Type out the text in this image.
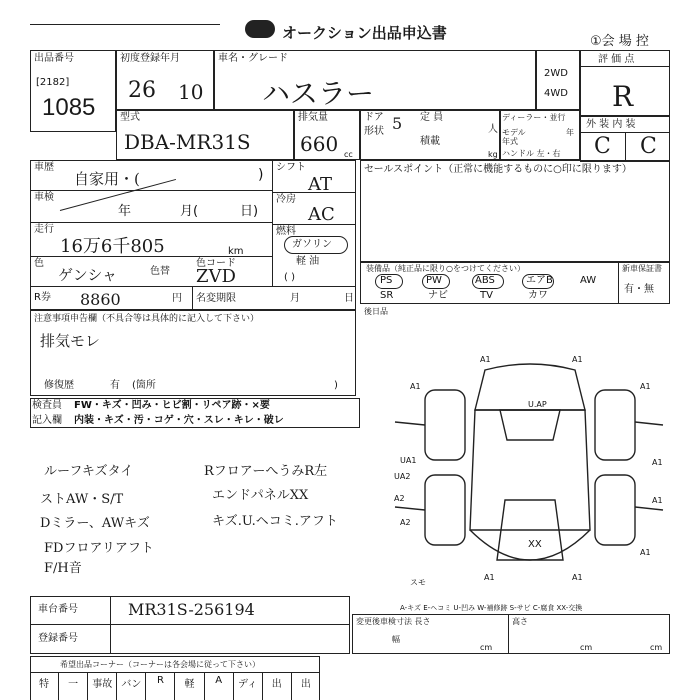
オークション出品申込書	①会 場 控
出品番号
[2182]
1085
初度登録年月
26 10
車名・グレード
ハスラー
2WD
4WD
評 価 点
R
外 装 内 装
C C
型式
DBA-MR31S
排気量
660 cc
ドア 5 定 員
人
形状
積載
kg
ディーラー・並行
モデル年式
年
ハンドル 左・右
車歴
自家用・(	)
車検
年	月(	日)
走行
16万6千805	km
色
ゲンシャ	色替
色コード
ZVD
シフト
AT
冷房
AC
燃料
ガソリン
軽 油
( )
R券 8860	円 名変期限	月	日
注意事項申告欄（不具合等は具体的に記入して下さい）
排気モレ
修復歴	有 (箇所	)
検査員 FW・キズ・凹み・ヒビ割・リペア跡・×要
記入欄 内装・キズ・汚・コゲ・穴・スレ・キレ・破レ
ルーフキズタイ
ストAW・S/T
Dミラー、AWキズ
FDフロアリアフト
F/H音
RフロアーへうみR左
エンドパネルXX
キズ.U.ヘコミ.アフト
セールスポイント（正常に機能するものに○印に限ります）
装備品（純正品に限り○をつけてください）	新車保証書
PS	PW	ABS	エアB	AW
SR	ナビ	TV	カワ
有・無
後日品
A1	A1
A1	A1
UA1
UA2
A2
A2
A1
A1
A1
A1	A1
U.AP
XX
スモ
車台番号	MR31S-256194
登録番号
A-キズ E-ヘコミ U-凹み W-補修跡 S-サビ C-腐食 XX-交換
変更後車検寸法 長さ
cm
幅
cm
高さ
cm
希望出品コーナー（コーナーは各会場に従って下さい）
特	一	事故 バン	R	軽	A	ディ	出	出
